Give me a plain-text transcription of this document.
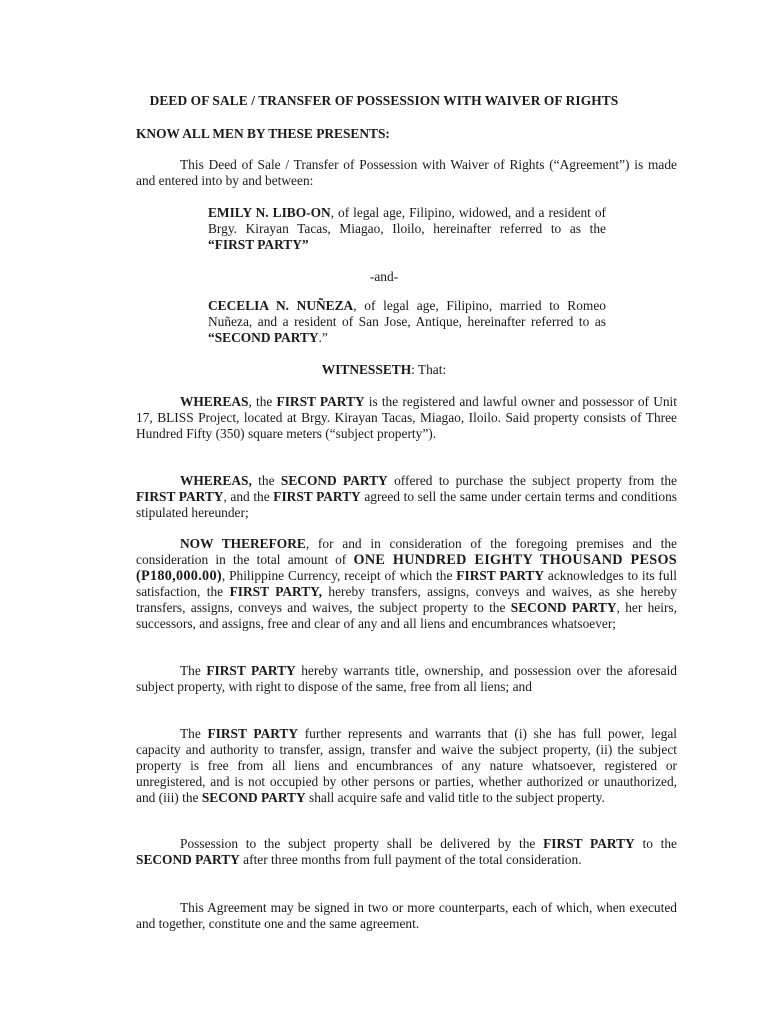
DEED OF SALE / TRANSFER OF POSSESSION WITH WAIVER OF RIGHTS
KNOW ALL MEN BY THESE PRESENTS:
This Deed of Sale / Transfer of Possession with Waiver of Rights (“Agreement”) is made and entered into by and between:
EMILY N. LIBO-ON, of legal age, Filipino, widowed, and a resident of Brgy. Kirayan Tacas, Miagao, Iloilo, hereinafter referred to as the “FIRST PARTY”
-and-
CECELIA N. NUÑEZA, of legal age, Filipino, married to Romeo Nuñeza, and a resident of San Jose, Antique, hereinafter referred to as “SECOND PARTY.”
WITNESSETH: That:
WHEREAS, the FIRST PARTY is the registered and lawful owner and possessor of Unit 17, BLISS Project, located at Brgy. Kirayan Tacas, Miagao, Iloilo. Said property consists of Three Hundred Fifty (350) square meters (“subject property”).
WHEREAS, the SECOND PARTY offered to purchase the subject property from the FIRST PARTY, and the FIRST PARTY agreed to sell the same under certain terms and conditions stipulated hereunder;
NOW THEREFORE, for and in consideration of the foregoing premises and the consideration in the total amount of ONE HUNDRED EIGHTY THOUSAND PESOS (P180,000.00), Philippine Currency, receipt of which the FIRST PARTY acknowledges to its full satisfaction, the FIRST PARTY, hereby transfers, assigns, conveys and waives, as she hereby transfers, assigns, conveys and waives, the subject property to the SECOND PARTY, her heirs, successors, and assigns, free and clear of any and all liens and encumbrances whatsoever;
The FIRST PARTY hereby warrants title, ownership, and possession over the aforesaid subject property, with right to dispose of the same, free from all liens; and
The FIRST PARTY further represents and warrants that (i) she has full power, legal capacity and authority to transfer, assign, transfer and waive the subject property, (ii) the subject property is free from all liens and encumbrances of any nature whatsoever, registered or unregistered, and is not occupied by other persons or parties, whether authorized or unauthorized, and (iii) the SECOND PARTY shall acquire safe and valid title to the subject property.
Possession to the subject property shall be delivered by the FIRST PARTY to the SECOND PARTY after three months from full payment of the total consideration.
This Agreement may be signed in two or more counterparts, each of which, when executed and together, constitute one and the same agreement.
